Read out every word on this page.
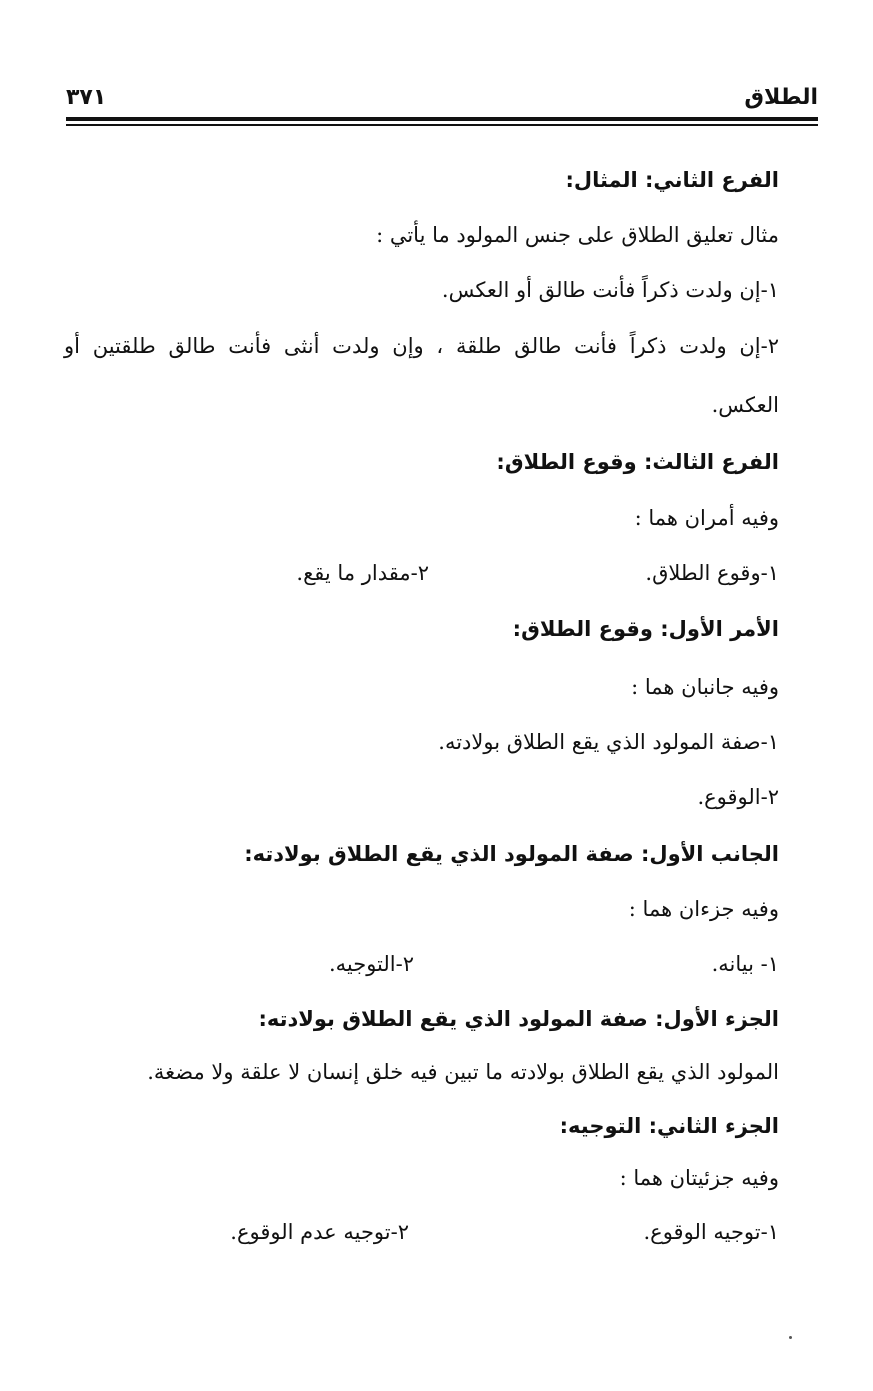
الطلاق
٣٧١
الفرع الثاني: المثال:
مثال تعليق الطلاق على جنس المولود ما يأتي :
١-إن ولدت ذكراً فأنت طالق أو العكس.
٢-إن ولدت ذكراً فأنت طالق طلقة ، وإن ولدت أنثى فأنت طالق طلقتين أو
العكس.
الفرع الثالث: وقوع الطلاق:
وفيه أمران هما :
١-وقوع الطلاق.
٢-مقدار ما يقع.
الأمر الأول: وقوع الطلاق:
وفيه جانبان هما :
١-صفة المولود الذي يقع الطلاق بولادته.
٢-الوقوع.
الجانب الأول: صفة المولود الذي يقع الطلاق بولادته:
وفيه جزءان هما :
١- بيانه.
٢-التوجيه.
الجزء الأول: صفة المولود الذي يقع الطلاق بولادته:
المولود الذي يقع الطلاق بولادته ما تبين فيه خلق إنسان لا علقة ولا مضغة.
الجزء الثاني: التوجيه:
وفيه جزئيتان هما :
١-توجيه الوقوع.
٢-توجيه عدم الوقوع.
